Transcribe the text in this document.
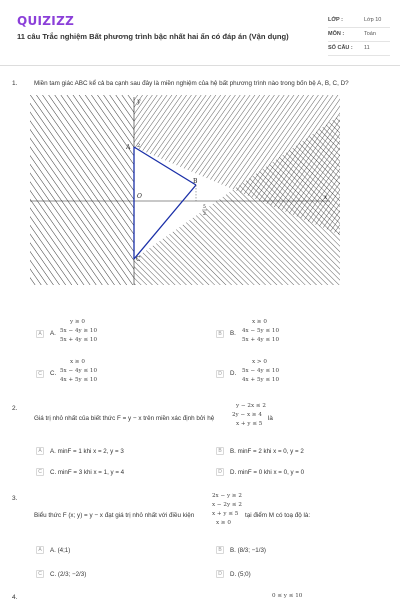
QUIZIZZ
11 câu Trắc nghiệm Bất phương trình bậc nhất hai ẩn có đáp án (Vận dụng)
LỚP :	Lớp 10
MÔN :	Toán
SỐ CÂU : 11
1.	Miền tam giác ABC kể cả ba cạnh sau đây là miền nghiệm của hệ bất phương trình nào trong bốn bệ A, B, C, D?
A 2
B
C
O	x
y
5
2
y ≥ 0
5x − 4y ≥ 10
5x + 4y ≤ 10
A	A.
x ≥ 0
4x − 5y ≤ 10
5x + 4y ≤ 10
B	B.
x ≥ 0
5x − 4y ≤ 10
4x + 5y ≤ 10
C	C.
x > 0
5x − 4y ≤ 10
4x + 5y ≤ 10
D	D.
2.	y − 2x ≤ 2
2y − x ≥ 4
x + y ≤ 5
Giá trị nhỏ nhất của biết thức F = y − x trên miền xác định bởi hệ	là
A	A. minF = 1 khi x = 2, y = 3	B	B. minF = 2 khi x = 0, y = 2
C	C. minF = 3 khi x = 1, y = 4	D	D. minF = 0 khi x = 0, y = 0
3.	2x − y ≥ 2
x − 2y ≤ 2
x + y ≤ 5
x ≥ 0
Biểu thức F (x; y) = y − x đạt giá trị nhỏ nhất với điều kiện	tại điểm M có toạ độ là:
A	A. (4;1)	B	B. (8/3; −1/3)
C	C. (2/3; −2/3)	D	D. (5;0)
4.	0 ≤ y ≤ 10
